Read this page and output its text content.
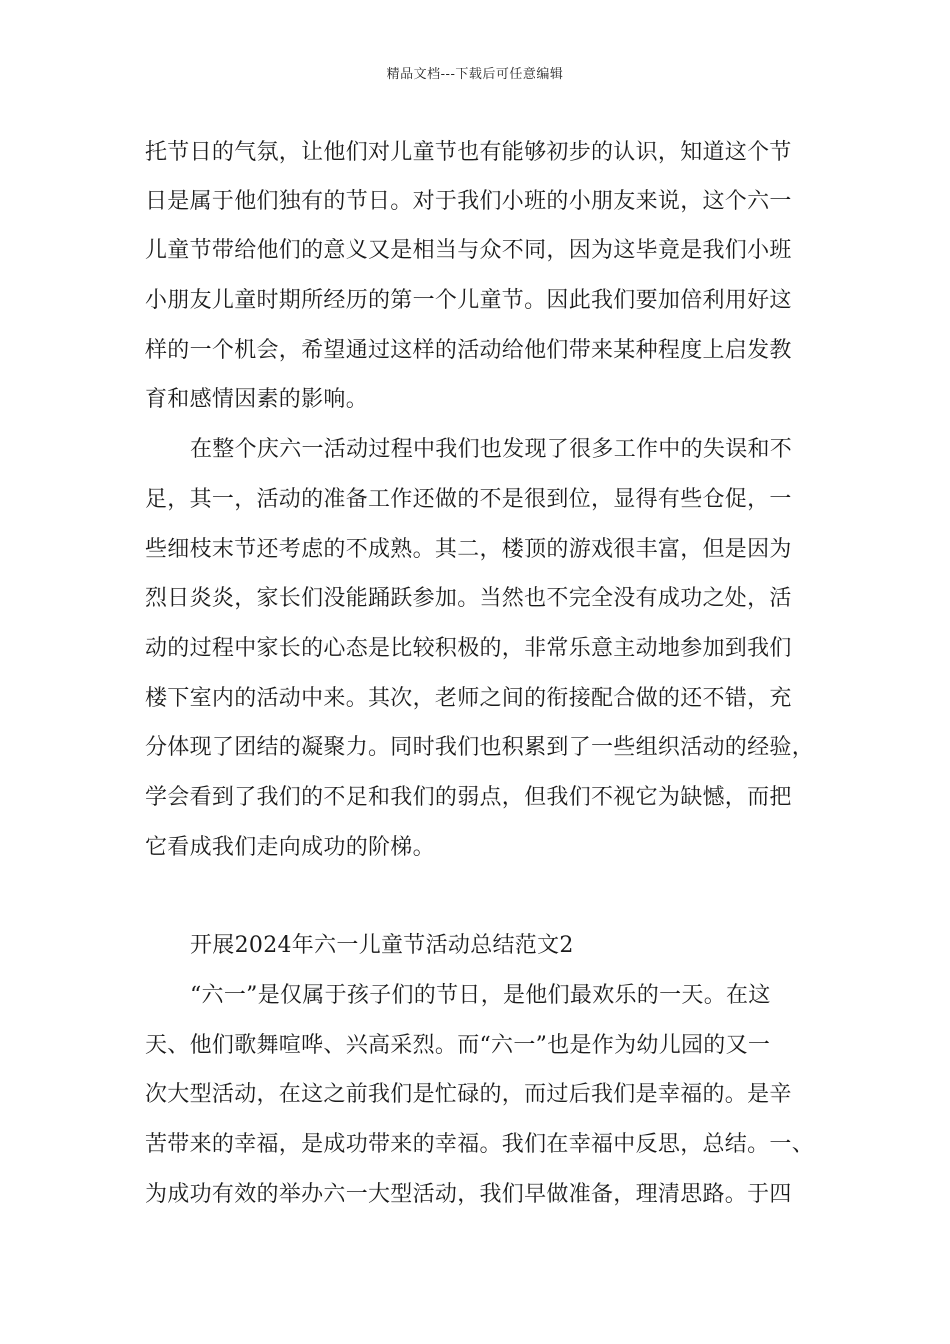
精品文档---下载后可任意编辑
托节日的气氛，让他们对儿童节也有能够初步的认识，知道这个节
日是属于他们独有的节日。对于我们小班的小朋友来说，这个六一
儿童节带给他们的意义又是相当与众不同，因为这毕竟是我们小班
小朋友儿童时期所经历的第一个儿童节。因此我们要加倍利用好这
样的一个机会，希望通过这样的活动给他们带来某种程度上启发教
育和感情因素的影响。
在整个庆六一活动过程中我们也发现了很多工作中的失误和不
足，其一，活动的准备工作还做的不是很到位，显得有些仓促，一
些细枝末节还考虑的不成熟。其二，楼顶的游戏很丰富，但是因为
烈日炎炎，家长们没能踊跃参加。当然也不完全没有成功之处，活
动的过程中家长的心态是比较积极的，非常乐意主动地参加到我们
楼下室内的活动中来。其次，老师之间的衔接配合做的还不错，充
分体现了团结的凝聚力。同时我们也积累到了一些组织活动的经验，
学会看到了我们的不足和我们的弱点，但我们不视它为缺憾，而把
它看成我们走向成功的阶梯。
开展2024年六一儿童节活动总结范文2
“六一”是仅属于孩子们的节日，是他们最欢乐的一天。在这
天、他们歌舞喧哗、兴高采烈。而“六一”也是作为幼儿园的又一
次大型活动，在这之前我们是忙碌的，而过后我们是幸福的。是辛
苦带来的幸福，是成功带来的幸福。我们在幸福中反思，总结。一、
为成功有效的举办六一大型活动，我们早做准备，理清思路。于四
